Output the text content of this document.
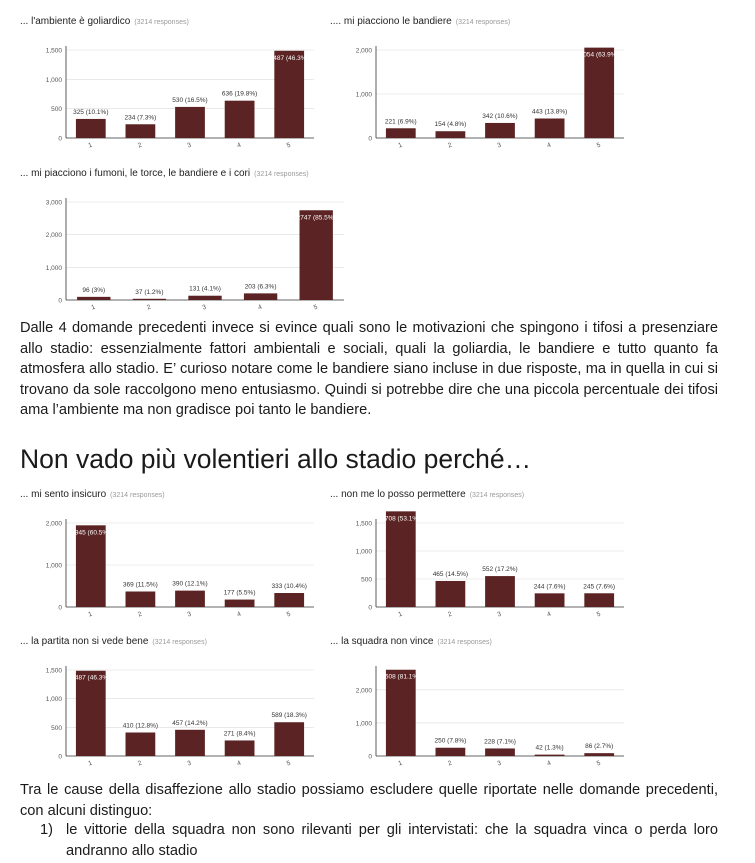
... l'ambiente è goliardico (3214 responses)
0
500
1,000
1,500
325 (10.1%)
1
234 (7.3%)
2
530 (16.5%)
3
636 (19.8%)
4
1487 (46.3%)
5
.... mi piacciono le bandiere (3214 responses)
0
1,000
2,000
221 (6.9%)
1
154 (4.8%)
2
342 (10.6%)
3
443 (13.8%)
4
2054 (63.9%)
5
... mi piacciono i fumoni, le torce, le bandiere e i cori (3214 responses)
0
1,000
2,000
3,000
96 (3%)
1
37 (1.2%)
2
131 (4.1%)
3
203 (6.3%)
4
2747 (85.5%)
5

Dalle 4 domande precedenti invece si evince quali sono le motivazioni che spingono i tifosi a presenziare allo stadio: essenzialmente fattori ambientali e sociali, quali la goliardia, le bandiere e tutto quanto fa atmosfera allo stadio. E’ curioso notare come le bandiere siano incluse in due risposte, ma in quella in cui si trovano da sole raccolgono meno entusiasmo. Quindi si potrebbe dire che una piccola percentuale dei tifosi ama l’ambiente ma non gradisce poi tanto le bandiere.

Non vado più volentieri allo stadio perché…
... mi sento insicuro (3214 responses)
0
1,000
2,000
1945 (60.5%)
1
369 (11.5%)
2
390 (12.1%)
3
177 (5.5%)
4
333 (10.4%)
5
... non me lo posso permettere (3214 responses)
0
500
1,000
1,500
1708 (53.1%)
1
465 (14.5%)
2
552 (17.2%)
3
244 (7.6%)
4
245 (7.6%)
5
... la partita non si vede bene (3214 responses)
0
500
1,000
1,500
1487 (46.3%)
1
410 (12.8%)
2
457 (14.2%)
3
271 (8.4%)
4
589 (18.3%)
5
... la squadra non vince (3214 responses)
0
1,000
2,000
2608 (81.1%)
1
250 (7.8%)
2
228 (7.1%)
3
42 (1.3%)
4
86 (2.7%)
5

Tra le cause della disaffezione allo stadio possiamo escludere quelle riportate nelle domande precedenti, con alcuni distinguo:

1) le vittorie della squadra non sono rilevanti per gli intervistati: che la squadra vinca o perda loro andranno allo stadio
